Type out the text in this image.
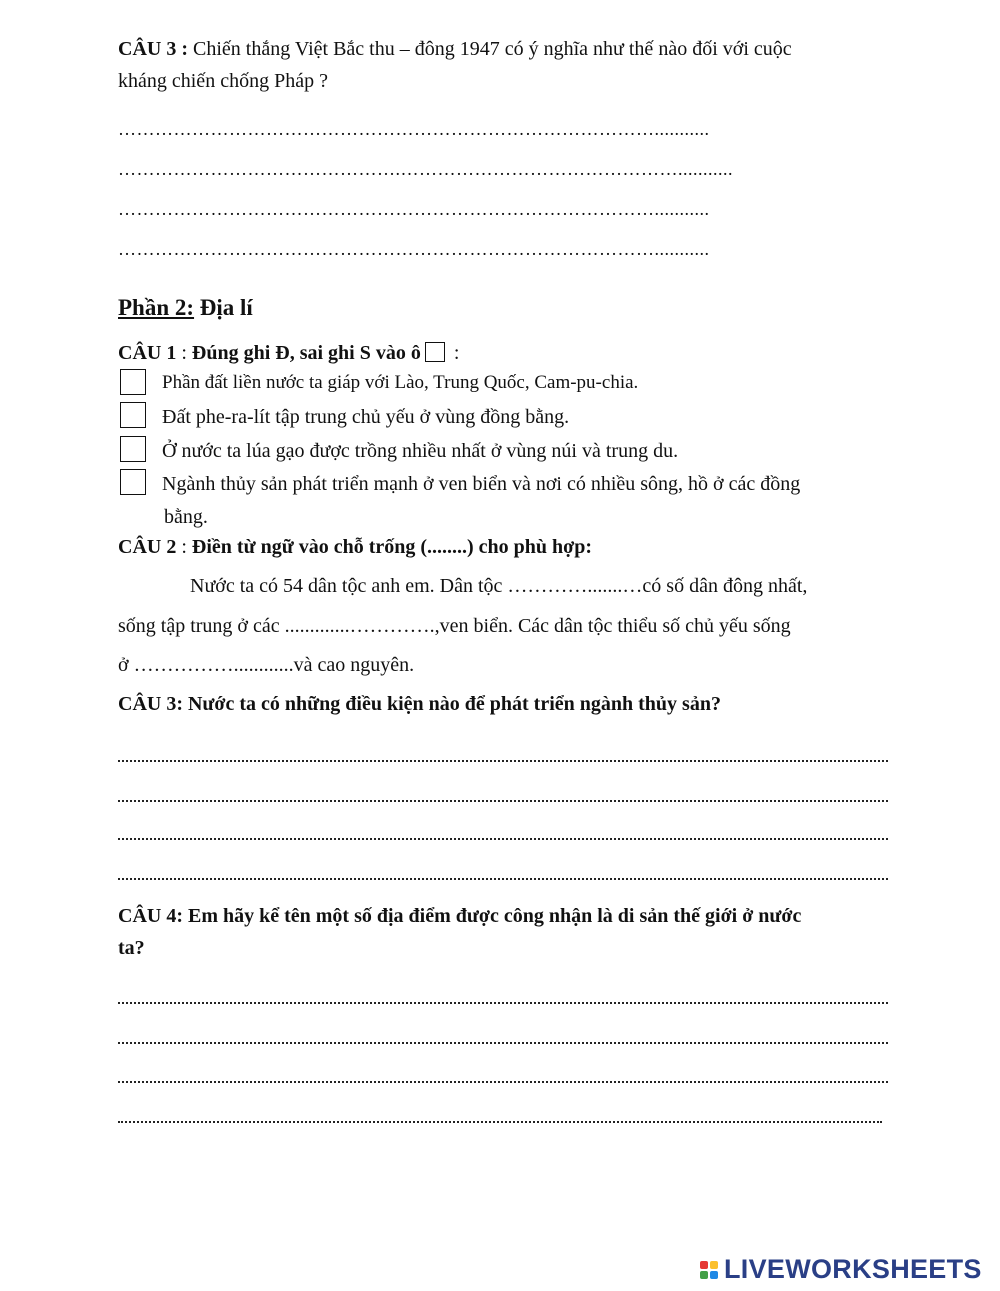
CÂU 3 : Chiến thắng Việt Bắc thu – đông 1947 có ý nghĩa như thế nào đối với cuộc
kháng chiến chống Pháp ?
……………………………………………………………………………...........
……………………………………….………………………………………...........
……………………………………………………………………………...........
……………………………………………………………………………...........
Phần 2: Địa lí
CÂU 1 : Đúng ghi Đ, sai ghi S vào ô :
Phần đất liền nước ta giáp với Lào, Trung Quốc, Cam-pu-chia.
Đất phe-ra-lít tập trung chủ yếu ở vùng đồng bằng.
Ở nước ta lúa gạo được trồng nhiều nhất ở vùng núi và trung du.
Ngành thủy sản phát triển mạnh ở ven biển và nơi có nhiều sông, hồ ở các đồng
bằng.
CÂU 2 : Điền từ ngữ vào chỗ trống (........) cho phù hợp:
Nước ta có 54 dân tộc anh em. Dân tộc ………….......…có số dân đông nhất,
sống tập trung ở các .............………….,ven biển. Các dân tộc thiểu số chủ yếu sống
ở ……………............và cao nguyên.
CÂU 3: Nước ta có những điều kiện nào để phát triển ngành thủy sản?
CÂU 4: Em hãy kể tên một số địa điểm được công nhận là di sản thế giới ở nước
ta?
LIVEWORKSHEETS
